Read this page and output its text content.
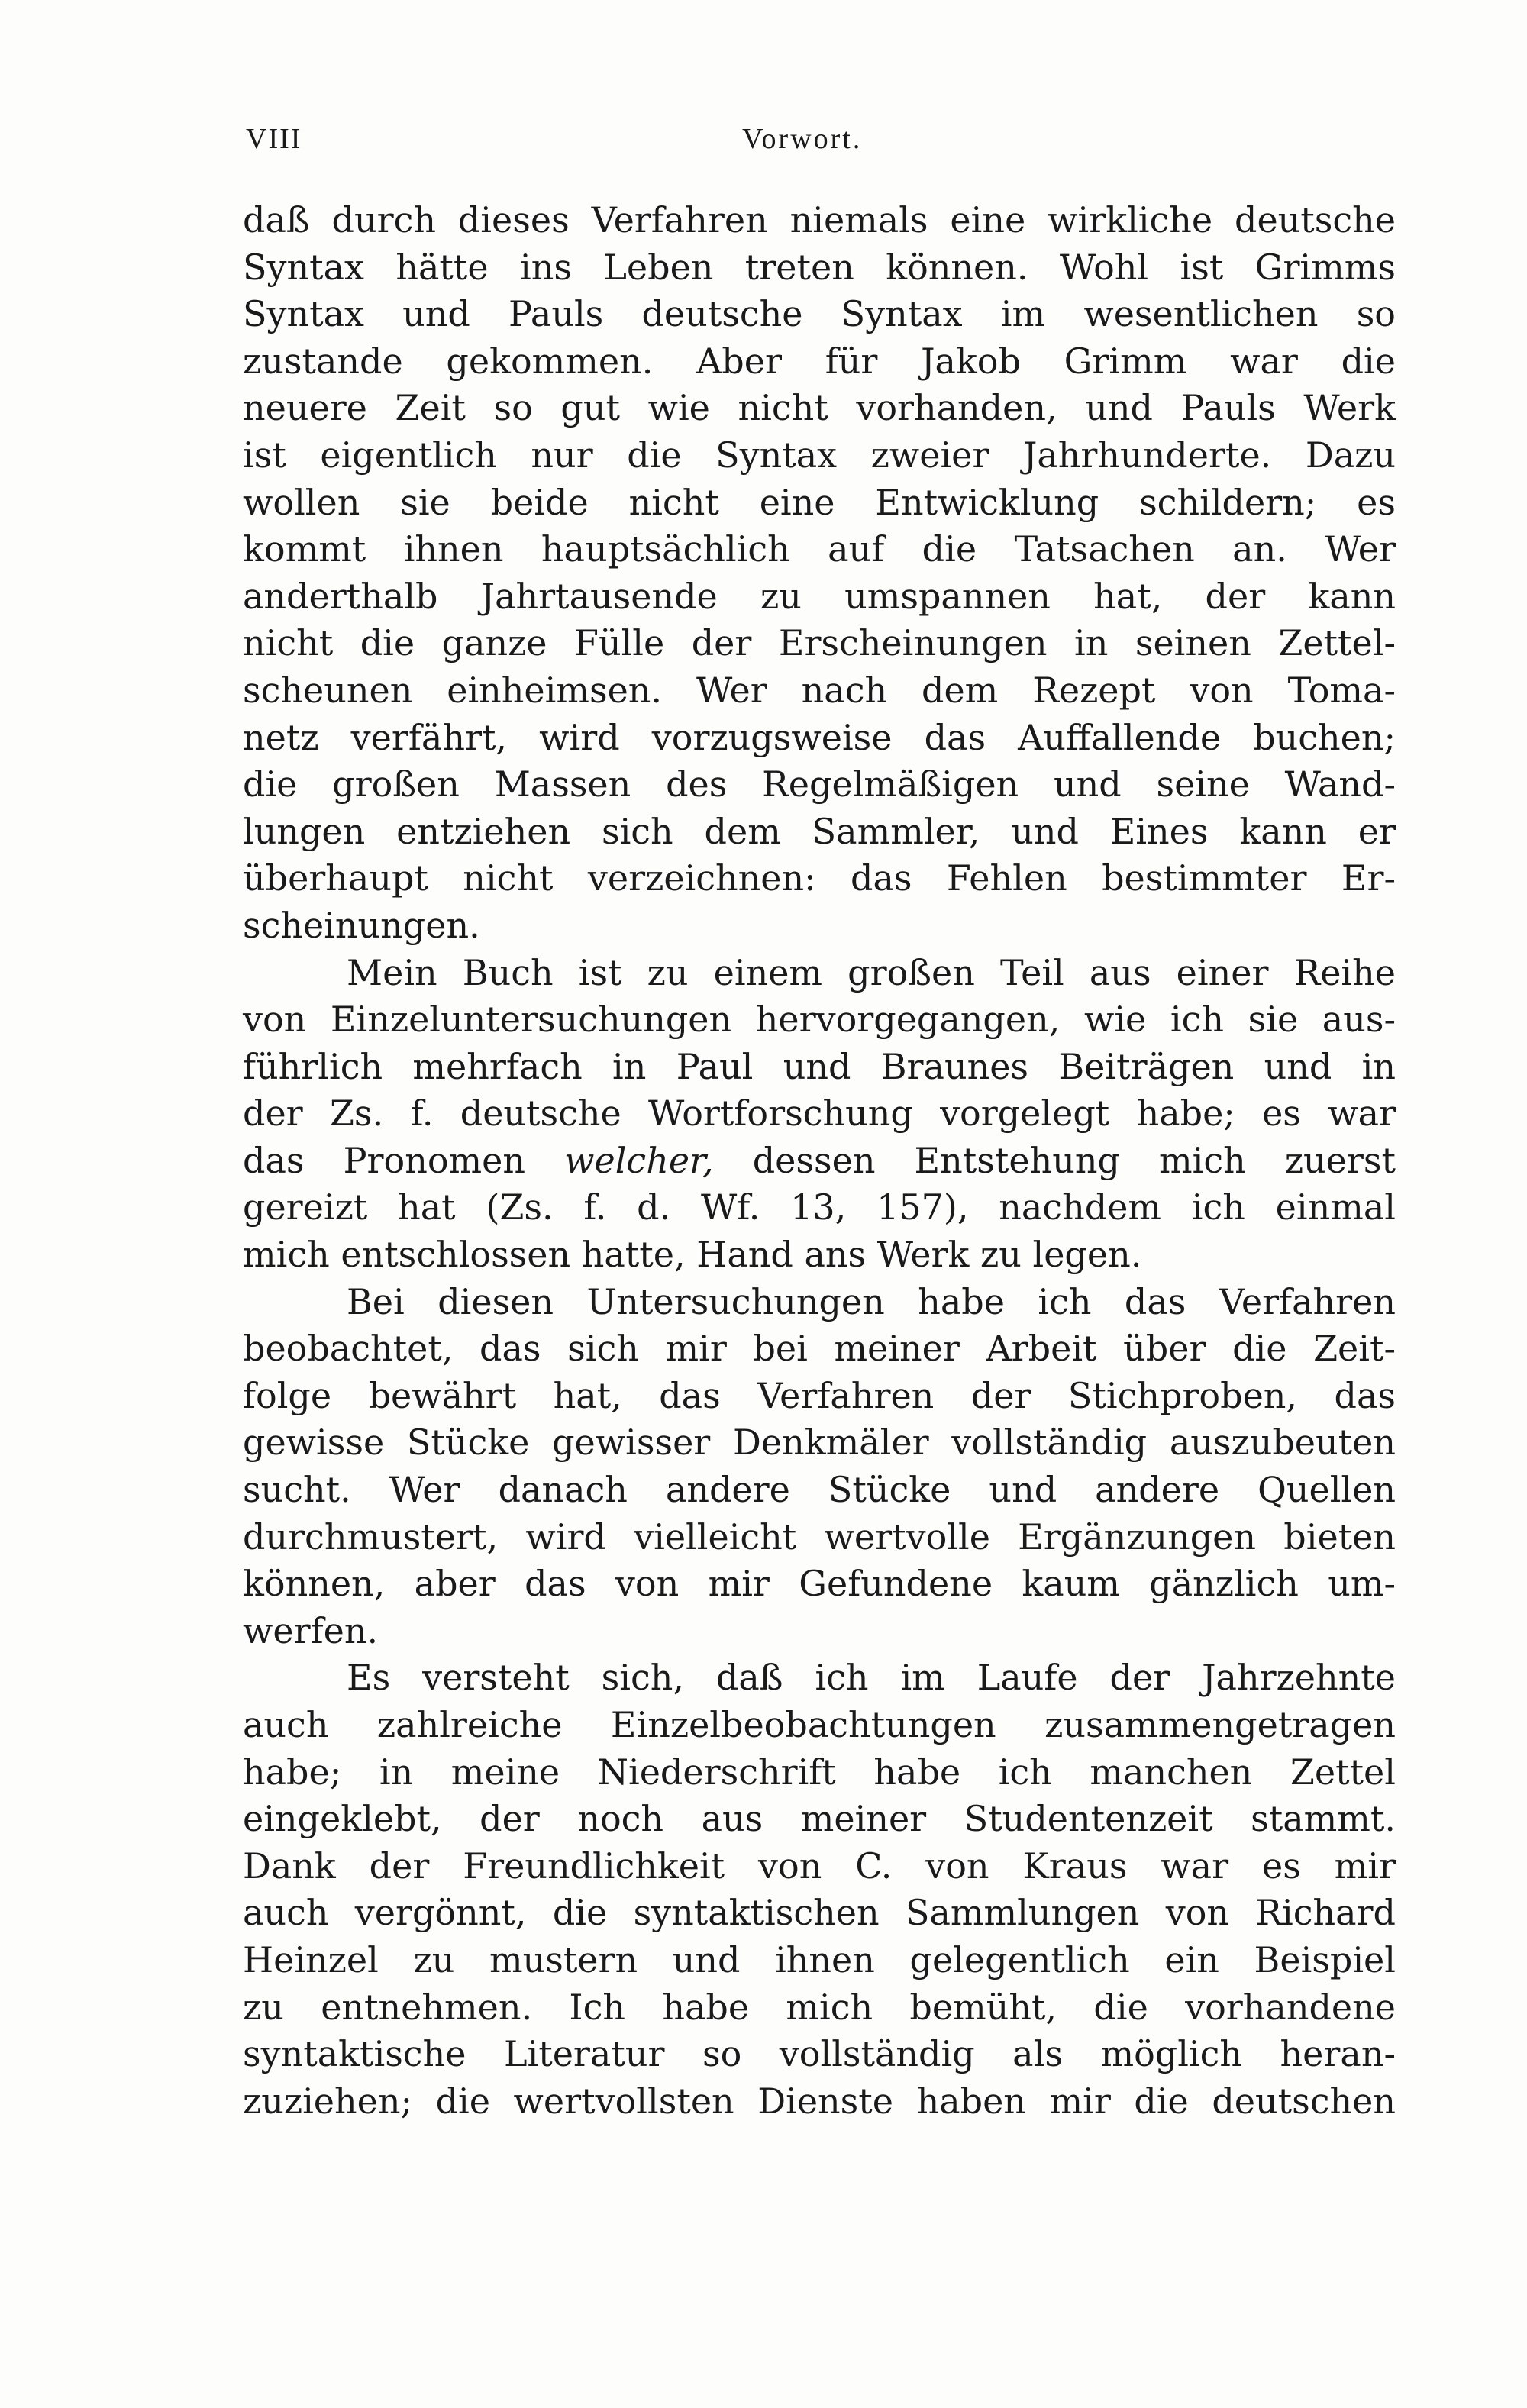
VIII	Vorwort.
daß durch dieses Verfahren niemals eine wirkliche deutsche
Syntax hätte ins Leben treten können. Wohl ist Grimms
Syntax und Pauls deutsche Syntax im wesentlichen so
zustande gekommen. Aber für Jakob Grimm war die
neuere Zeit so gut wie nicht vorhanden, und Pauls Werk
ist eigentlich nur die Syntax zweier Jahrhunderte. Dazu
wollen sie beide nicht eine Entwicklung schildern; es
kommt ihnen hauptsächlich auf die Tatsachen an. Wer
anderthalb Jahrtausende zu umspannen hat, der kann
nicht die ganze Fülle der Erscheinungen in seinen Zettel-
scheunen einheimsen. Wer nach dem Rezept von Toma-
netz verfährt, wird vorzugsweise das Auffallende buchen;
die großen Massen des Regelmäßigen und seine Wand-
lungen entziehen sich dem Sammler, und Eines kann er
überhaupt nicht verzeichnen: das Fehlen bestimmter Er-
scheinungen.
Mein Buch ist zu einem großen Teil aus einer Reihe
von Einzeluntersuchungen hervorgegangen, wie ich sie aus-
führlich mehrfach in Paul und Braunes Beiträgen und in
der Zs. f. deutsche Wortforschung vorgelegt habe; es war
das Pronomen welcher, dessen Entstehung mich zuerst
gereizt hat (Zs. f. d. Wf. 13, 157), nachdem ich einmal
mich entschlossen hatte, Hand ans Werk zu legen.
Bei diesen Untersuchungen habe ich das Verfahren
beobachtet, das sich mir bei meiner Arbeit über die Zeit-
folge bewährt hat, das Verfahren der Stichproben, das
gewisse Stücke gewisser Denkmäler vollständig auszubeuten
sucht. Wer danach andere Stücke und andere Quellen
durchmustert, wird vielleicht wertvolle Ergänzungen bieten
können, aber das von mir Gefundene kaum gänzlich um-
werfen.
Es versteht sich, daß ich im Laufe der Jahrzehnte
auch zahlreiche Einzelbeobachtungen zusammengetragen
habe; in meine Niederschrift habe ich manchen Zettel
eingeklebt, der noch aus meiner Studentenzeit stammt.
Dank der Freundlichkeit von C. von Kraus war es mir
auch vergönnt, die syntaktischen Sammlungen von Richard
Heinzel zu mustern und ihnen gelegentlich ein Beispiel
zu entnehmen. Ich habe mich bemüht, die vorhandene
syntaktische Literatur so vollständig als möglich heran-
zuziehen; die wertvollsten Dienste haben mir die deutschen
